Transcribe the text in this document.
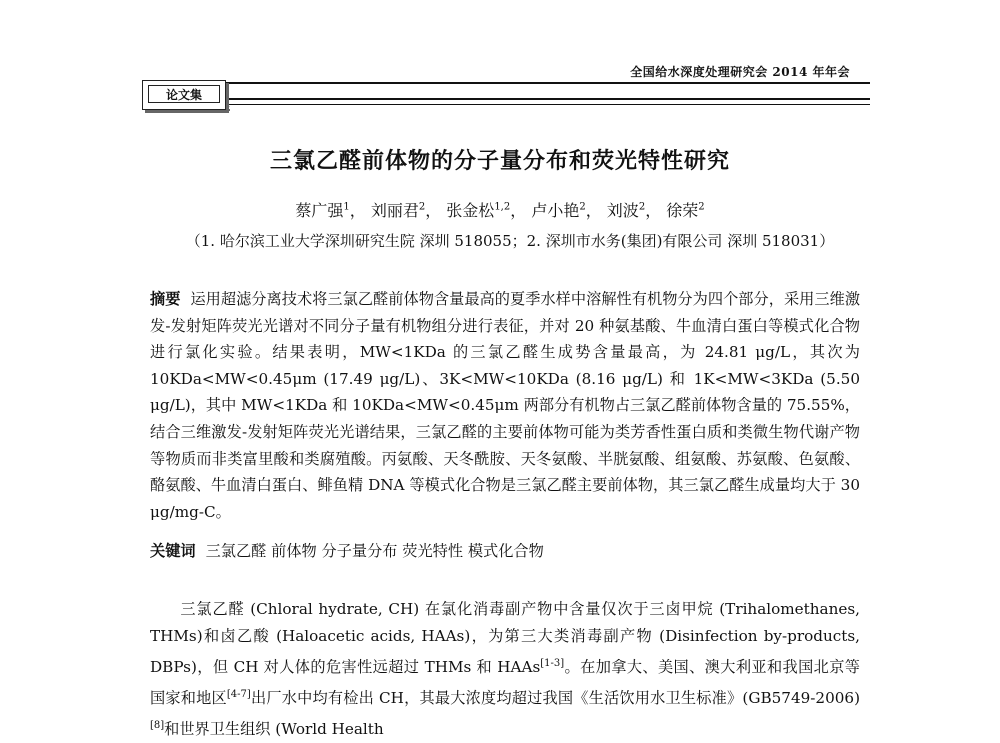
全国给水深度处理研究会 2014 年年会
论文集
三氯乙醛前体物的分子量分布和荧光特性研究
蔡广强$^1$， 刘丽君$^2$， 张金松$^{1,2}$， 卢小艳$^2$， 刘波$^2$， 徐荣$^2$
（1. 哈尔滨工业大学深圳研究生院 深圳 518055；2. 深圳市水务(集团)有限公司 深圳 518031）
摘要 运用超滤分离技术将三氯乙醛前体物含量最高的夏季水样中溶解性有机物分为四个部分，采用三维激发-发射矩阵荧光光谱对不同分子量有机物组分进行表征，并对 20 种氨基酸、牛血清白蛋白等模式化合物进行氯化实验。结果表明，MW<1KDa 的三氯乙醛生成势含量最高，为 24.81 μg/L，其次为 10KDa<MW<0.45μm (17.49 μg/L)、3K<MW<10KDa (8.16 μg/L) 和 1K<MW<3KDa (5.50 μg/L)，其中 MW<1KDa 和 10KDa<MW<0.45μm 两部分有机物占三氯乙醛前体物含量的 75.55%，结合三维激发-发射矩阵荧光光谱结果，三氯乙醛的主要前体物可能为类芳香性蛋白质和类微生物代谢产物等物质而非类富里酸和类腐殖酸。丙氨酸、天冬酰胺、天冬氨酸、半胱氨酸、组氨酸、苏氨酸、色氨酸、酪氨酸、牛血清白蛋白、鲱鱼精 DNA 等模式化合物是三氯乙醛主要前体物，其三氯乙醛生成量均大于 30 μg/mg-C。
关键词 三氯乙醛 前体物 分子量分布 荧光特性 模式化合物
三氯乙醛 (Chloral hydrate, CH) 在氯化消毒副产物中含量仅次于三卤甲烷 (Trihalomethanes, THMs)和卤乙酸 (Haloacetic acids, HAAs)，为第三大类消毒副产物 (Disinfection by-products, DBPs)，但 CH 对人体的危害性远超过 THMs 和 HAAs[1-3]。在加拿大、美国、澳大利亚和我国北京等国家和地区[4-7]出厂水中均有检出 CH，其最大浓度均超过我国《生活饮用水卫生标准》(GB5749-2006)[8]和世界卫生组织 (World Health
